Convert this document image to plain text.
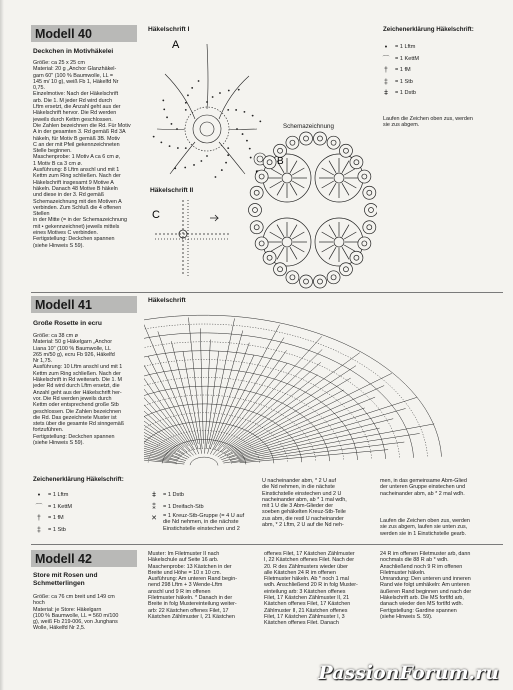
Modell 40
Deckchen in Motivhäkelei
Größe: ca 25 x 25 cm
Material: 20 g „Anchor Glanzhäkel-
garn 60" (100 % Baumwolle, LL =
145 m/ 10 g), weiß Fb 1, Häkelfd Nr
0,75.
Einzelmotive: Nach der Häkelschrift
arb. Die 1. M jeder Rd wird durch
Lftm ersetzt, die Anzahl geht aus der
Häkelschrift hervor. Die Rd werden
jeweils durch Kettm geschlossen.
Die Zahlen bezeichnen die Rd. Für Motiv
A in der gesamten 3. Rd gemäß Rd 3A
häkeln, für Motiv B gemäß 3B. Motiv
C an der mit Pfeil gekennzeichneten
Stelle beginnen.
Maschenprobe: 1 Motiv A ca 6 cm ø,
1 Motiv B ca 3 cm ø.
Ausführung: 8 Lftm anschl und mit 1
Kettm zum Ring schließen. Nach der
Häkelschrift insgesamt 9 Motive A
häkeln. Danach 48 Motive B häkeln
und diese in der 3. Rd gemäß
Schemazeichnung mit den Motiven A
verbinden. Zum Schluß die 4 offenen Stellen
in der Mitte (= in der Schemazeichnung
mit • gekennzeichnet) jeweils mittels
eines Motives C verbinden.
Fertigstellung: Deckchen spannen
(siehe Hinweis S 59).
Häkelschrift I
Häkelschrift II
Schemazeichnung
Zeichenerklärung Häkelschrift:
•	= 1 Lftm
⌒ = 1 KettM
†	= 1 fM
‡	= 1 Stb
ǂ	= 1 Dstb
Laufen die Zeichen oben zus, werden
sie zus abgem.
A
C
B
Modell 41
Große Rosette in ecru
Größe: ca 38 cm ø
Material: 50 g Häkelgarn „Anchor
Liana 10" (100 % Baumwolle, LL
265 m/50 g), ecru Fb 926, Häkelfd
Nr 1,75.
Ausführung: 10 Lftm anschl und mit 1
Kettm zum Ring schließen. Nach der
Häkelschrift in Rd weiterarb. Die 1. M
jeder Rd wird durch Lftm ersetzt, die
Anzahl geht aus der Häkelschrift her-
vor. Die Rd werden jeweils durch
Kettm oder entsprechend große Stb
geschlossen. Die Zahlen bezeichnen
die Rd. Das gezeichnete Muster ist
stets über die gesamte Rd sinngemäß
fortzuführen.
Fertigstellung: Deckchen spannen
(siehe Hinweis S 59).
Häkelschrift
Zeichenerklärung Häkelschrift:
•	= 1 Lftm
⌒ = 1 KettM
†	= 1 fM
‡	= 1 Stb
ǂ	= 1 Dstb
⁑	= 1 Dreifach-Stb
✕	= 1 Kreuz-Stb-Gruppe (= 4 U auf
die Nd nehmen, in die nächste
Einstichstelle einstechen und 2
U nacheinander abm, * 2 U auf
die Nd nehmen, in die nächste
Einstichstelle einstechen und 2 U
nacheinander abm, ab * 1 mal wdh,
mit 1 U die 3 Abm-Glieder der
soeben gehäkelten Kreuz-Stb-Teile
zus abm, die restl U nacheinander
abm, * 2 Lftm, 2 U auf die Nd neh-
men, in das gemeinsame Abm-Glied
der unteren Gruppe einstechen und
nacheinander abm, ab * 2 mal wdh.
Laufen die Zeichen oben zus, werden
sie zus abgem, laufen sie unten zus,
werden sie in 1 Einstichstelle gearb.
Modell 42
Store mit Rosen und
Schmetterlingen
Größe: ca 76 cm breit und 149 cm
hoch
Material: je Store: Häkelgarn
(100 % Baumwolle, LL = 560 m/100
g), weiß Fb 219-006, von Junghans
Wolle, Häkelfd Nr 2,5.
Muster: Im Filetmuster II nach
Häkelschule auf Seite 16 arb.
Maschenprobe: 13 Kästchen in der
Breite und Höhe = 10 x 10 cm.
Ausführung: Am unteren Rand begin-
nend 298 Lftm + 3 Wende-Lftm
anschl und 9 R im offenen
Filetmuster häkeln. * Danach in der
Breite in folg Mustereinteilung weiter-
arb: 22 Kästchen offenes Filet, 17
Kästchen Zählmuster I, 21 Kästchen
offenes Filet, 17 Kästchen Zählmuster
I, 22 Kästchen offenes Filet. Nach der
20. R des Zählmusters wieder über
alle Kästchen 24 R im offenen
Filetmuster häkeln. Ab * noch 1 mal
wdh. Anschließend 20 R in folg Muster-
einteilung arb: 3 Kästchen offenes
Filet, 17 Kästchen Zählmuster II, 21
Kästchen offenes Filet, 17 Kästchen
Zählmuster II, 21 Kästchen offenes
Filet, 17 Kästchen Zählmuster I, 3
Kästchen offenes Filet. Danach
24 R im offenen Filetmuster arb, dann
nochmals die 88 R ab * wdh.
Anschließend noch 9 R im offenen
Filetmuster häkeln.
Umrandung: Den unteren und inneren
Rand wie folgt umhäkeln: Am unteren
äußeren Rand beginnen und nach der
Häkelschrift arb. Die MS fortlfd arb,
danach wieder den MS fortlfd wdh.
Fertigstellung: Gardine spannen
(siehe Hinweis S. 59).
PassionForum.ru
